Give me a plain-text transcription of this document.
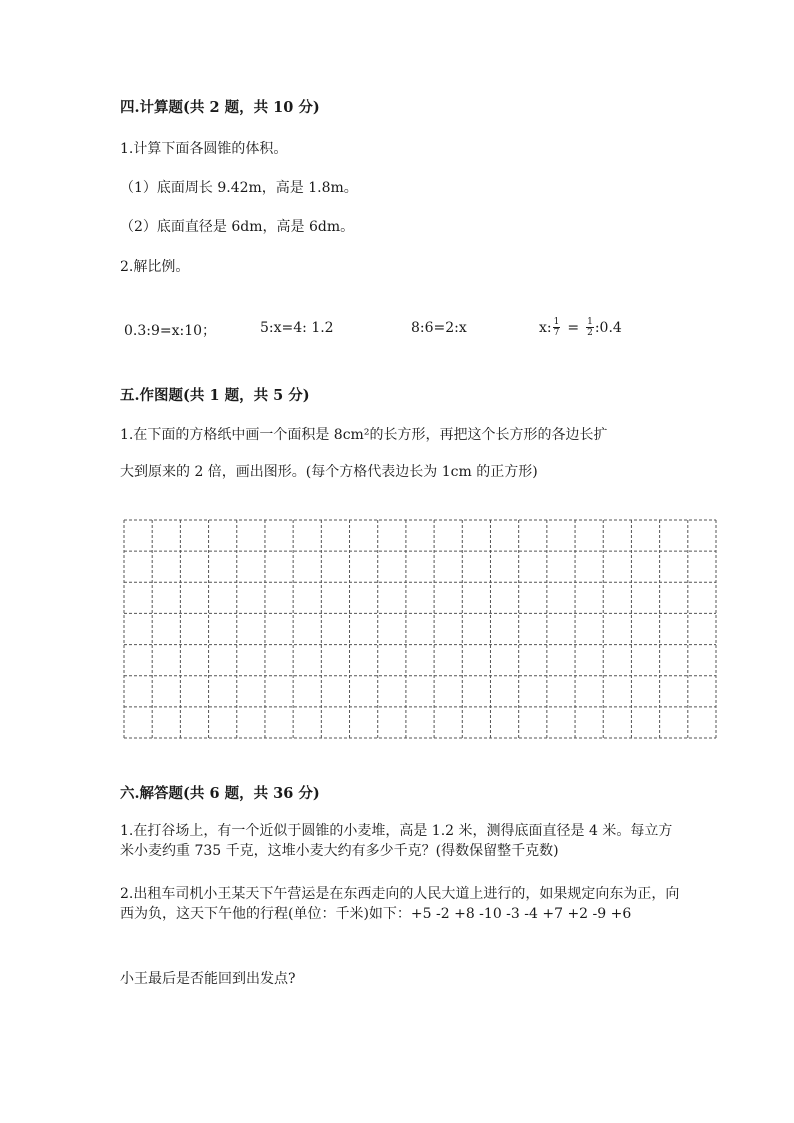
四.计算题(共 2 题，共 10 分)
1.计算下面各圆锥的体积。
（1）底面周长 9.42m，高是 1.8m。
（2）底面直径是 6dm，高是 6dm。
2.解比例。
0.3:9=x:10；	5:x=4: 1.2	8:6=2:x	x: $\frac{1}{7} = \frac{1}{2}$ :0.4
五.作图题(共 1 题，共 5 分)
1.在下面的方格纸中画一个面积是 8cm²的长方形，再把这个长方形的各边长扩
大到原来的 2 倍，画出图形。(每个方格代表边长为 1cm 的正方形)
六.解答题(共 6 题，共 36 分)
1.在打谷场上，有一个近似于圆锥的小麦堆，高是 1.2 米，测得底面直径是 4 米。每立方米小麦约重 735 千克，这堆小麦大约有多少千克？(得数保留整千克数)
2.出租车司机小王某天下午营运是在东西走向的人民大道上进行的，如果规定向东为正，向西为负，这天下午他的行程(单位：千米)如下：+5 -2 +8 -10 -3 -4 +7 +2 -9 +6
小王最后是否能回到出发点?
